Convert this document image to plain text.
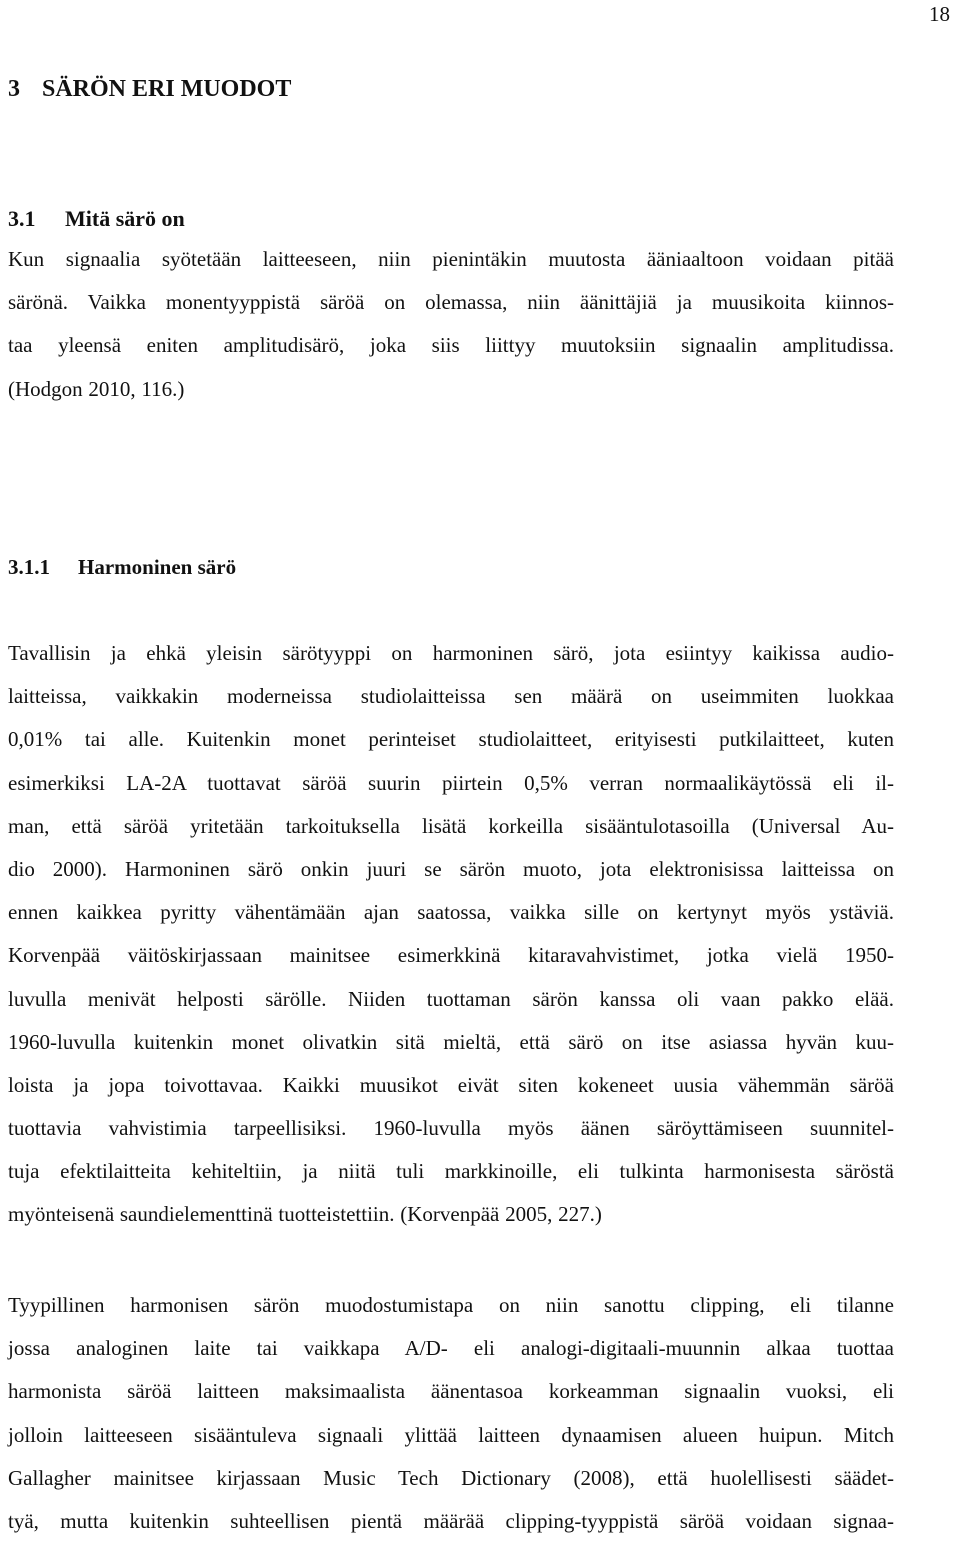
18
3 SÄRÖN ERI MUODOT
3.1 Mitä särö on

Kun signaalia syötetään laitteeseen, niin pienintäkin muutosta ääniaaltoon voidaan pitää
särönä. Vaikka monentyyppistä säröä on olemassa, niin äänittäjiä ja muusikoita kiinnos-
taa yleensä eniten amplitudisärö, joka siis liittyy muutoksiin signaalin amplitudissa.
(Hodgon 2010, 116.)

3.1.1 Harmoninen särö

Tavallisin ja ehkä yleisin särötyyppi on harmoninen särö, jota esiintyy kaikissa audio-
laitteissa, vaikkakin moderneissa studiolaitteissa sen määrä on useimmiten luokkaa
0,01% tai alle. Kuitenkin monet perinteiset studiolaitteet, erityisesti putkilaitteet, kuten
esimerkiksi LA-2A tuottavat säröä suurin piirtein 0,5% verran normaalikäytössä eli il-
man, että säröä yritetään tarkoituksella lisätä korkeilla sisääntulotasoilla (Universal Au-
dio 2000). Harmoninen särö onkin juuri se särön muoto, jota elektronisissa laitteissa on
ennen kaikkea pyritty vähentämään ajan saatossa, vaikka sille on kertynyt myös ystäviä.
Korvenpää väitöskirjassaan mainitsee esimerkkinä kitaravahvistimet, jotka vielä 1950-
luvulla menivät helposti särölle. Niiden tuottaman särön kanssa oli vaan pakko elää.
1960-luvulla kuitenkin monet olivatkin sitä mieltä, että särö on itse asiassa hyvän kuu-
loista ja jopa toivottavaa. Kaikki muusikot eivät siten kokeneet uusia vähemmän säröä
tuottavia vahvistimia tarpeellisiksi. 1960-luvulla myös äänen säröyttämiseen suunnitel-
tuja efektilaitteita kehiteltiin, ja niitä tuli markkinoille, eli tulkinta harmonisesta säröstä
myönteisenä saundielementtinä tuotteistettiin. (Korvenpää 2005, 227.)

Tyypillinen harmonisen särön muodostumistapa on niin sanottu clipping, eli tilanne
jossa analoginen laite tai vaikkapa A/D- eli analogi-digitaali-muunnin alkaa tuottaa
harmonista säröä laitteen maksimaalista äänentasoa korkeamman signaalin vuoksi, eli
jolloin laitteeseen sisääntuleva signaali ylittää laitteen dynaamisen alueen huipun. Mitch
Gallagher mainitsee kirjassaan Music Tech Dictionary (2008), että huolellisesti säädet-
tyä, mutta kuitenkin suhteellisen pientä määrää clipping-tyyppistä säröä voidaan signaa-
